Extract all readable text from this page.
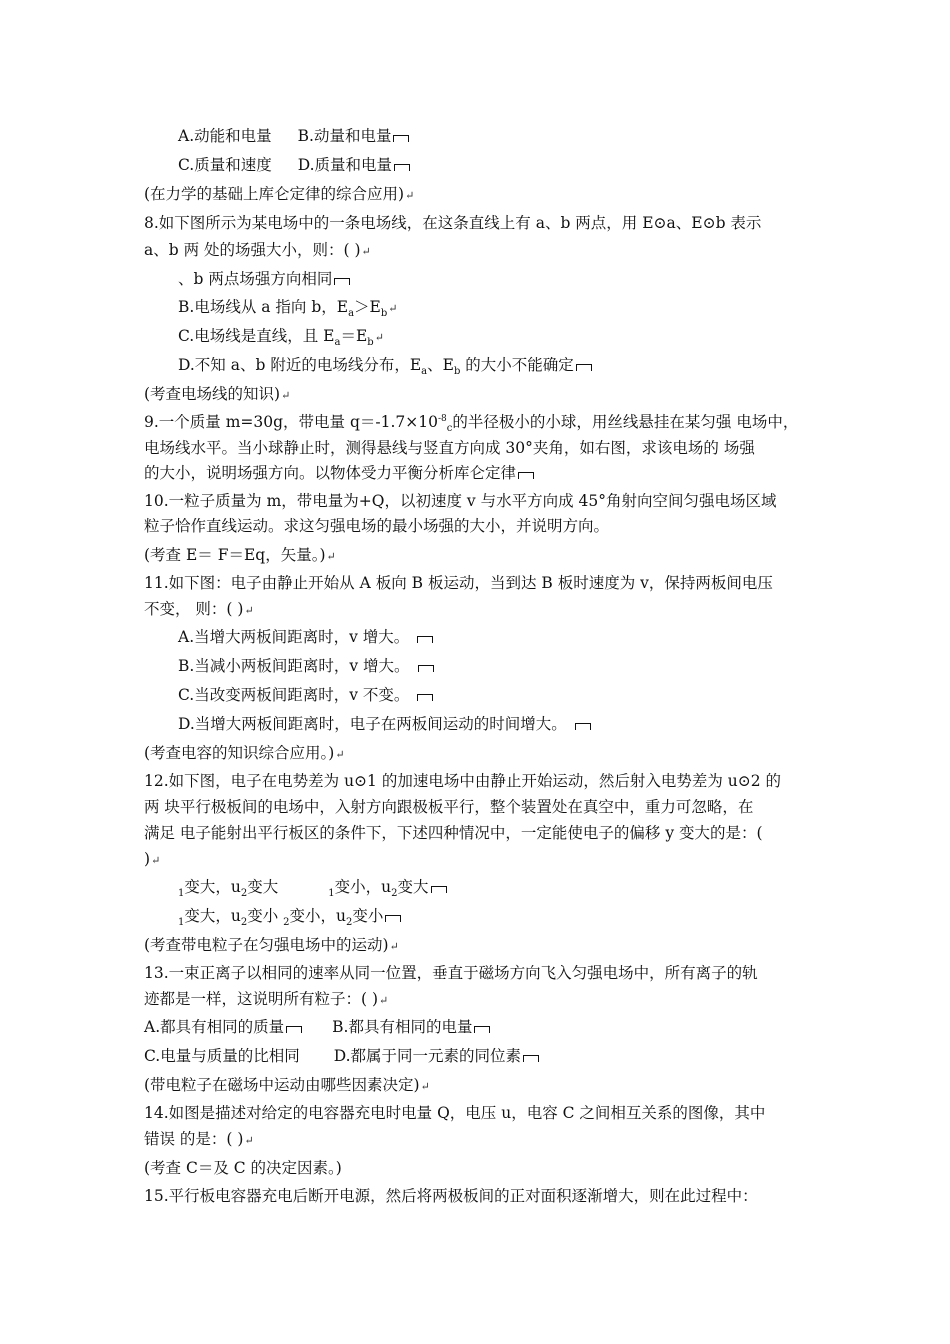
A.动能和电量 B.动量和电量
C.质量和速度 D.质量和电量
(在力学的基础上库仑定律的综合应用)↵
8.如下图所示为某电场中的一条电场线，在这条直线上有 a、b 两点，用 E⊙a、E⊙b 表示
a、b 两 处的场强大小，则：( )↵
、b 两点场强方向相同
B.电场线从 a 指向 b，$E_a>E_b↵$
C.电场线是直线，且 $E_a=E_b↵$
D.不知 a、b 附近的电场线分布，$E_a$、$E_b$ 的大小不能确定
(考查电场线的知识)↵
9.一个质量 m=30g，带电量 $q=-1.7\times 10^{-8}_c$的半径极小的小球，用丝线悬挂在某匀强 电场中，
电场线水平。当小球静止时，测得悬线与竖直方向成 30°夹角，如右图，求该电场的 场强
的大小，说明场强方向。以物体受力平衡分析库仑定律
10.一粒子质量为 m，带电量为+Q，以初速度 v 与水平方向成 45°角射向空间匀强电场区域
粒子恰作直线运动。求这匀强电场的最小场强的大小，并说明方向。
(考查 E＝ F＝Eq，矢量。)↵
11.如下图：电子由静止开始从 A 板向 B 板运动，当到达 B 板时速度为 v，保持两板间电压
不变， 则：( )↵
A.当增大两板间距离时，v 增大。
B.当减小两板间距离时，v 增大。
C.当改变两板间距离时，v 不变。
D.当增大两板间距离时，电子在两板间运动的时间增大。
(考查电容的知识综合应用。)↵
12.如下图，电子在电势差为 u⊙1 的加速电场中由静止开始运动，然后射入电势差为 u⊙2 的
两 块平行极板间的电场中，入射方向跟极板平行，整个装置处在真空中，重力可忽略，在
满足 电子能射出平行板区的条件下，下述四种情况中，一定能使电子的偏移 y 变大的是：(
)↵
$_1$变大，$u_2$变大	$_1$变小，$u_2$变大
$_1$变大，$u_2$变小 $_2$变小，$u_2$变小
(考查带电粒子在匀强电场中的运动)↵
13.一束正离子以相同的速率从同一位置，垂直于磁场方向飞入匀强电场中，所有离子的轨
迹都是一样，这说明所有粒子：( )↵
A.都具有相同的质量	B.都具有相同的电量
C.电量与质量的比相同 D.都属于同一元素的同位素
(带电粒子在磁场中运动由哪些因素决定)↵
14.如图是描述对给定的电容器充电时电量 Q，电压 u，电容 C 之间相互关系的图像，其中
错误 的是：( )↵
(考查 C＝及 C 的决定因素。)
15.平行板电容器充电后断开电源，然后将两极板间的正对面积逐渐增大，则在此过程中：
